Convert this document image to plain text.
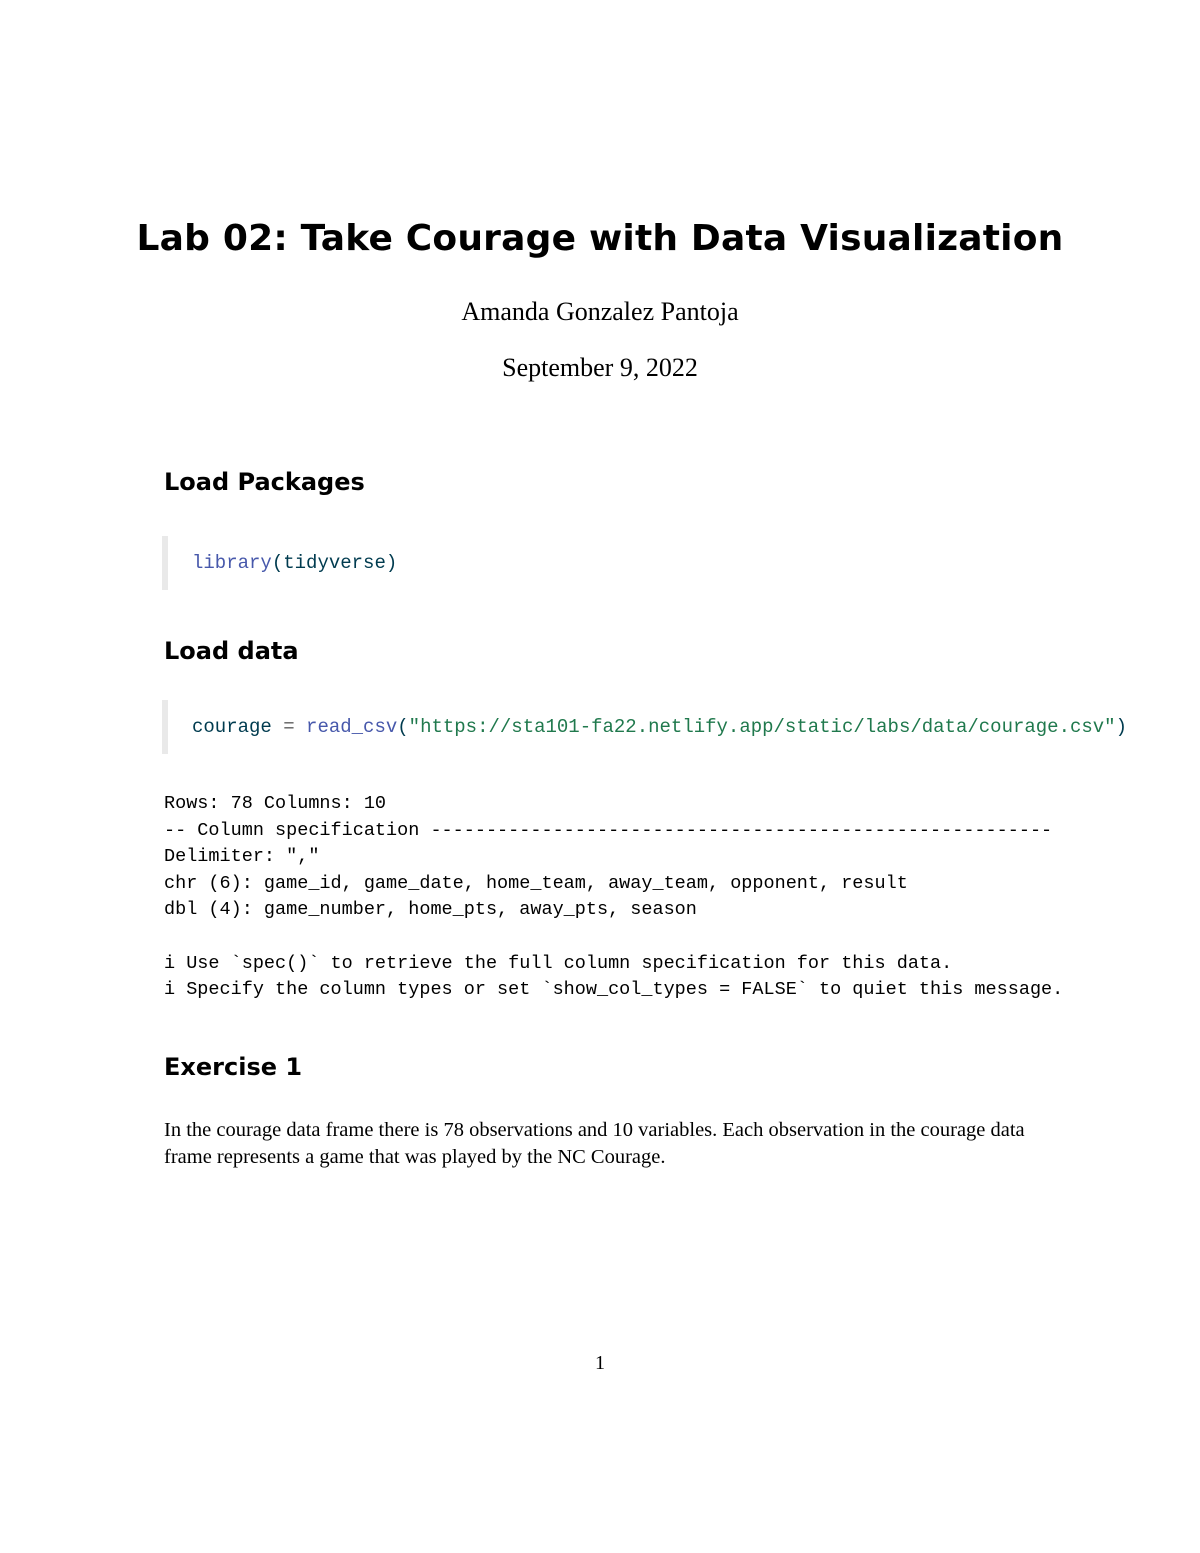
Lab 02: Take Courage with Data Visualization
Amanda Gonzalez Pantoja
September 9, 2022
Load Packages
library ( tidyverse )
Load data
courage = read_csv ( "https://sta101-fa22.netlify.app/static/labs/data/courage.csv" )
Rows: 78 Columns: 10
-- Column specification --------------------------------------------------------
Delimiter: ","
chr (6): game_id, game_date, home_team, away_team, opponent, result
dbl (4): game_number, home_pts, away_pts, season

i Use `spec()` to retrieve the full column specification for this data.
i Specify the column types or set `show_col_types = FALSE` to quiet this message.
Exercise 1

In the courage data frame there is 78 observations and 10 variables. Each observation in the courage data frame represents a game that was played by the NC Courage.

1
